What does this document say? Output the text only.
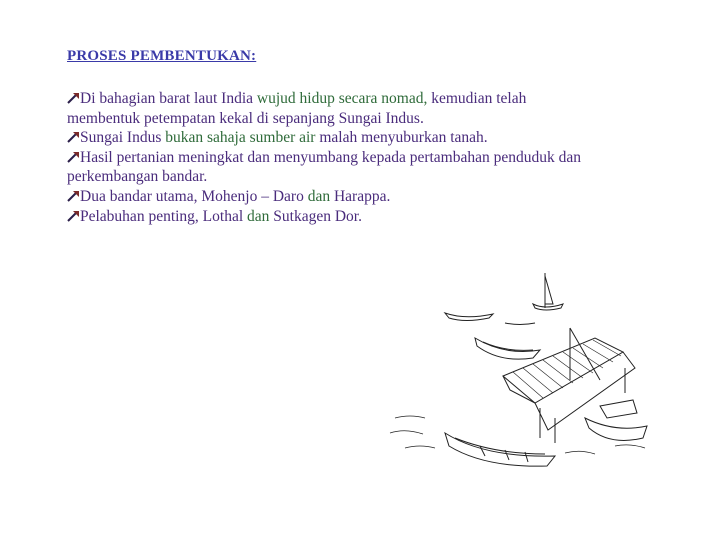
PROSES PEMBENTUKAN:
Di bahagian barat laut India wujud hidup secara nomad, kemudian telah
membentuk petempatan kekal di sepanjang Sungai Indus.
Sungai Indus bukan sahaja sumber air malah menyuburkan tanah.
Hasil pertanian meningkat dan menyumbang kepada pertambahan penduduk dan
perkembangan bandar.
Dua bandar utama, Mohenjo – Daro dan Harappa.
Pelabuhan penting, Lothal dan Sutkagen Dor.
